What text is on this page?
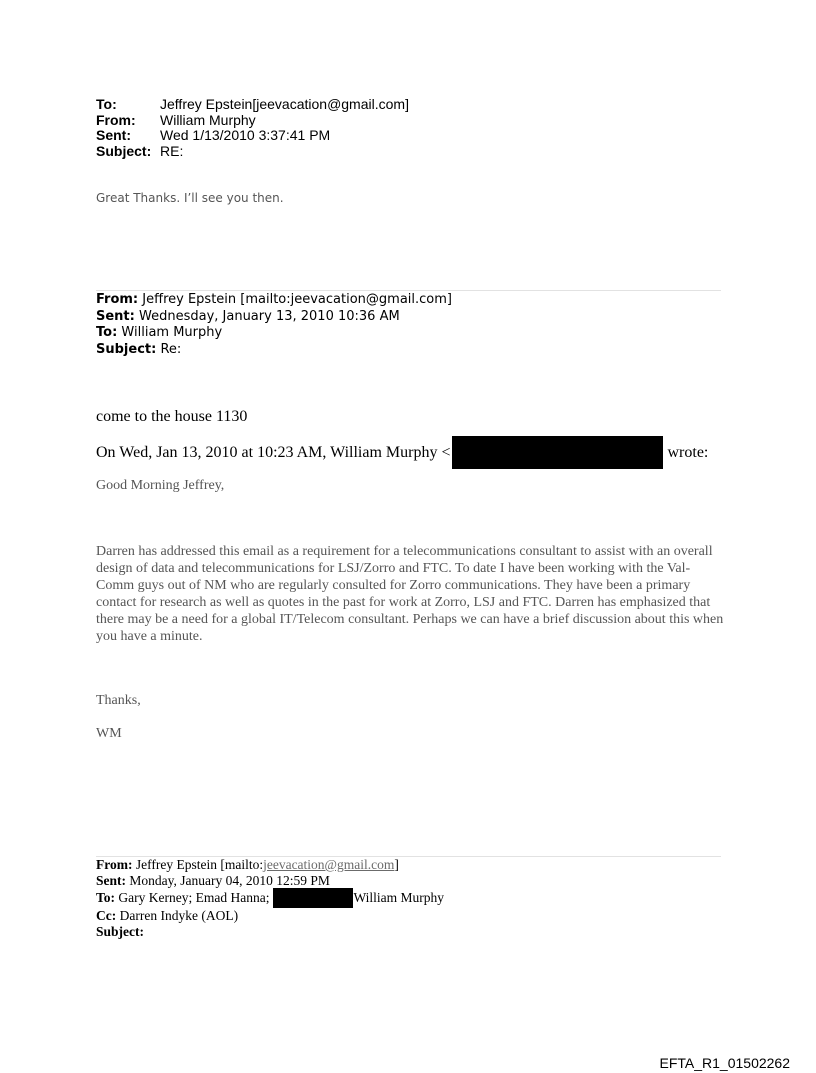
To:	Jeffrey Epstein[jeevacation@gmail.com]
From:	William Murphy
Sent:	Wed 1/13/2010 3:37:41 PM
Subject: RE:
Great Thanks. I’ll see you then.
From: Jeffrey Epstein [mailto:jeevacation@gmail.com]
Sent: Wednesday, January 13, 2010 10:36 AM
To: William Murphy
Subject: Re:
come to the house 1130
On Wed, Jan 13, 2010 at 10:23 AM, William Murphy <	wrote:
Good Morning Jeffrey,
Darren has addressed this email as a requirement for a telecommunications consultant to assist with an overall design of data and telecommunications for LSJ/Zorro and FTC. To date I have been working with the Val-Comm guys out of NM who are regularly consulted for Zorro communications. They have been a primary contact for research as well as quotes in the past for work at Zorro, LSJ and FTC. Darren has emphasized that there may be a need for a global IT/Telecom consultant. Perhaps we can have a brief discussion about this when you have a minute.
Thanks,
WM
From: Jeffrey Epstein [mailto:jeevacation@gmail.com]
Sent: Monday, January 04, 2010 12:59 PM
To:
Gary Kerney; Emad Hanna;	William Murphy
Cc: Darren Indyke (AOL)
Subject:
EFTA_R1_01502262
